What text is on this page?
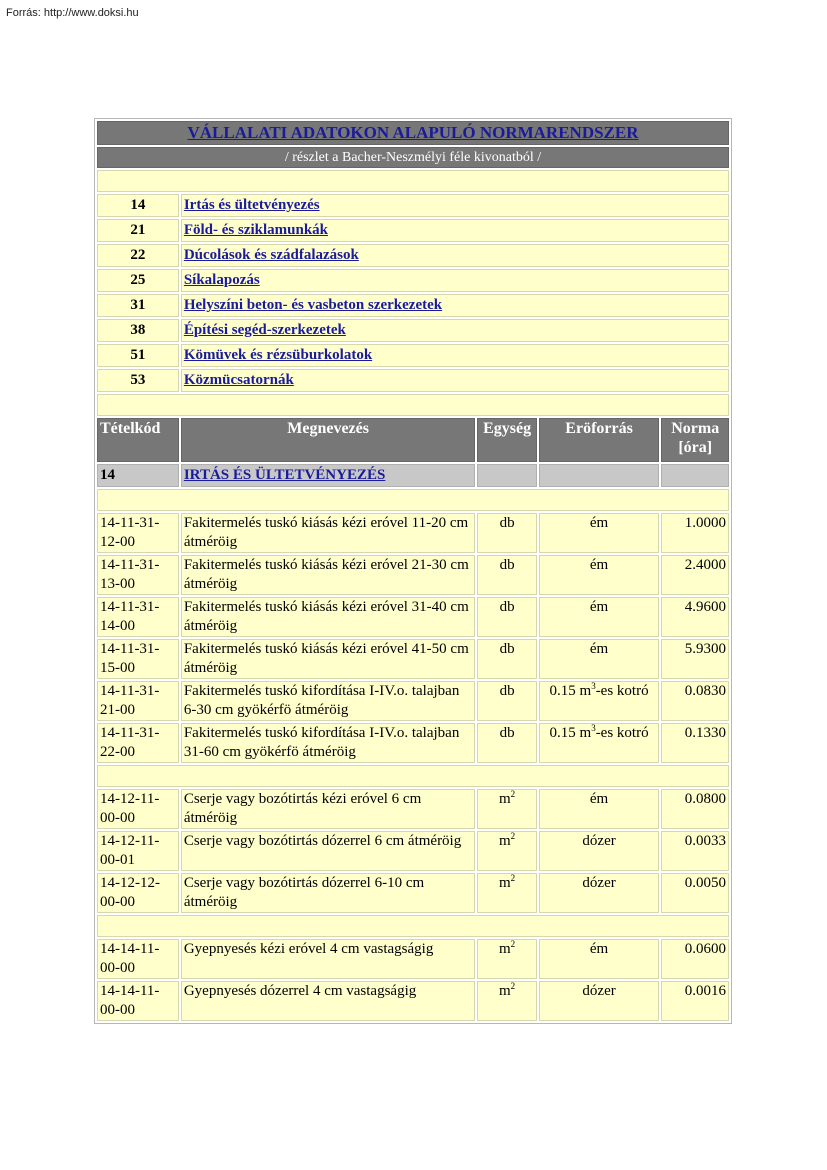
Forrás: http://www.doksi.hu
VÁLLALATI ADATOKON ALAPULÓ NORMARENDSZER				
/ részlet a Bacher-Neszmélyi féle kivonatból /				

14	Irtás és ültetvényezés			
21	Föld- és sziklamunkák			
22	Dúcolások és szádfalazások			
25	Síkalapozás			
31	Helyszíni beton- és vasbeton szerkezetek			
38	Építési segéd-szerkezetek			
51	Kömüvek és rézsüburkolatok			
53	Közmücsatornák			

Tételkód	Megnevezés	Egység	Eröforrás	Norma
[óra]

14	IRTÁS ÉS ÜLTETVÉNYEZÉS			

14-11-31-12-00	Fakitermelés tuskó kiásás kézi eróvel 11-20 cm átméröig	db	ém	1.0000
14-11-31-13-00	Fakitermelés tuskó kiásás kézi eróvel 21-30 cm átméröig	db	ém	2.4000
14-11-31-14-00	Fakitermelés tuskó kiásás kézi eróvel 31-40 cm átméröig	db	ém	4.9600
14-11-31-15-00	Fakitermelés tuskó kiásás kézi eróvel 41-50 cm átméröig	db	ém	5.9300
14-11-31-21-00	Fakitermelés tuskó kifordítása I-IV.o. talajban 6-30 cm gyökérfö átméröig	db	0.15 $m^3-es$ kotró	0.0830
14-11-31-22-00	Fakitermelés tuskó kifordítása I-IV.o. talajban 31-60 cm gyökérfö átméröig	db	0.15 $m^3-es$ kotró	0.1330

14-12-11-00-00	Cserje vagy bozótirtás kézi eróvel 6 cm átméröig	$m^2$	ém	0.0800
14-12-11-00-01	Cserje vagy bozótirtás dózerrel 6 cm átméröig	$m^2$	dózer	0.0033
14-12-12-00-00	Cserje vagy bozótirtás dózerrel 6-10 cm átméröig	$m^2$	dózer	0.0050

14-14-11-00-00	Gyepnyesés kézi eróvel 4 cm vastagságig	$m^2$	ém	0.0600
14-14-11-00-00	Gyepnyesés dózerrel 4 cm vastagságig	$m^2$	dózer	0.0016
